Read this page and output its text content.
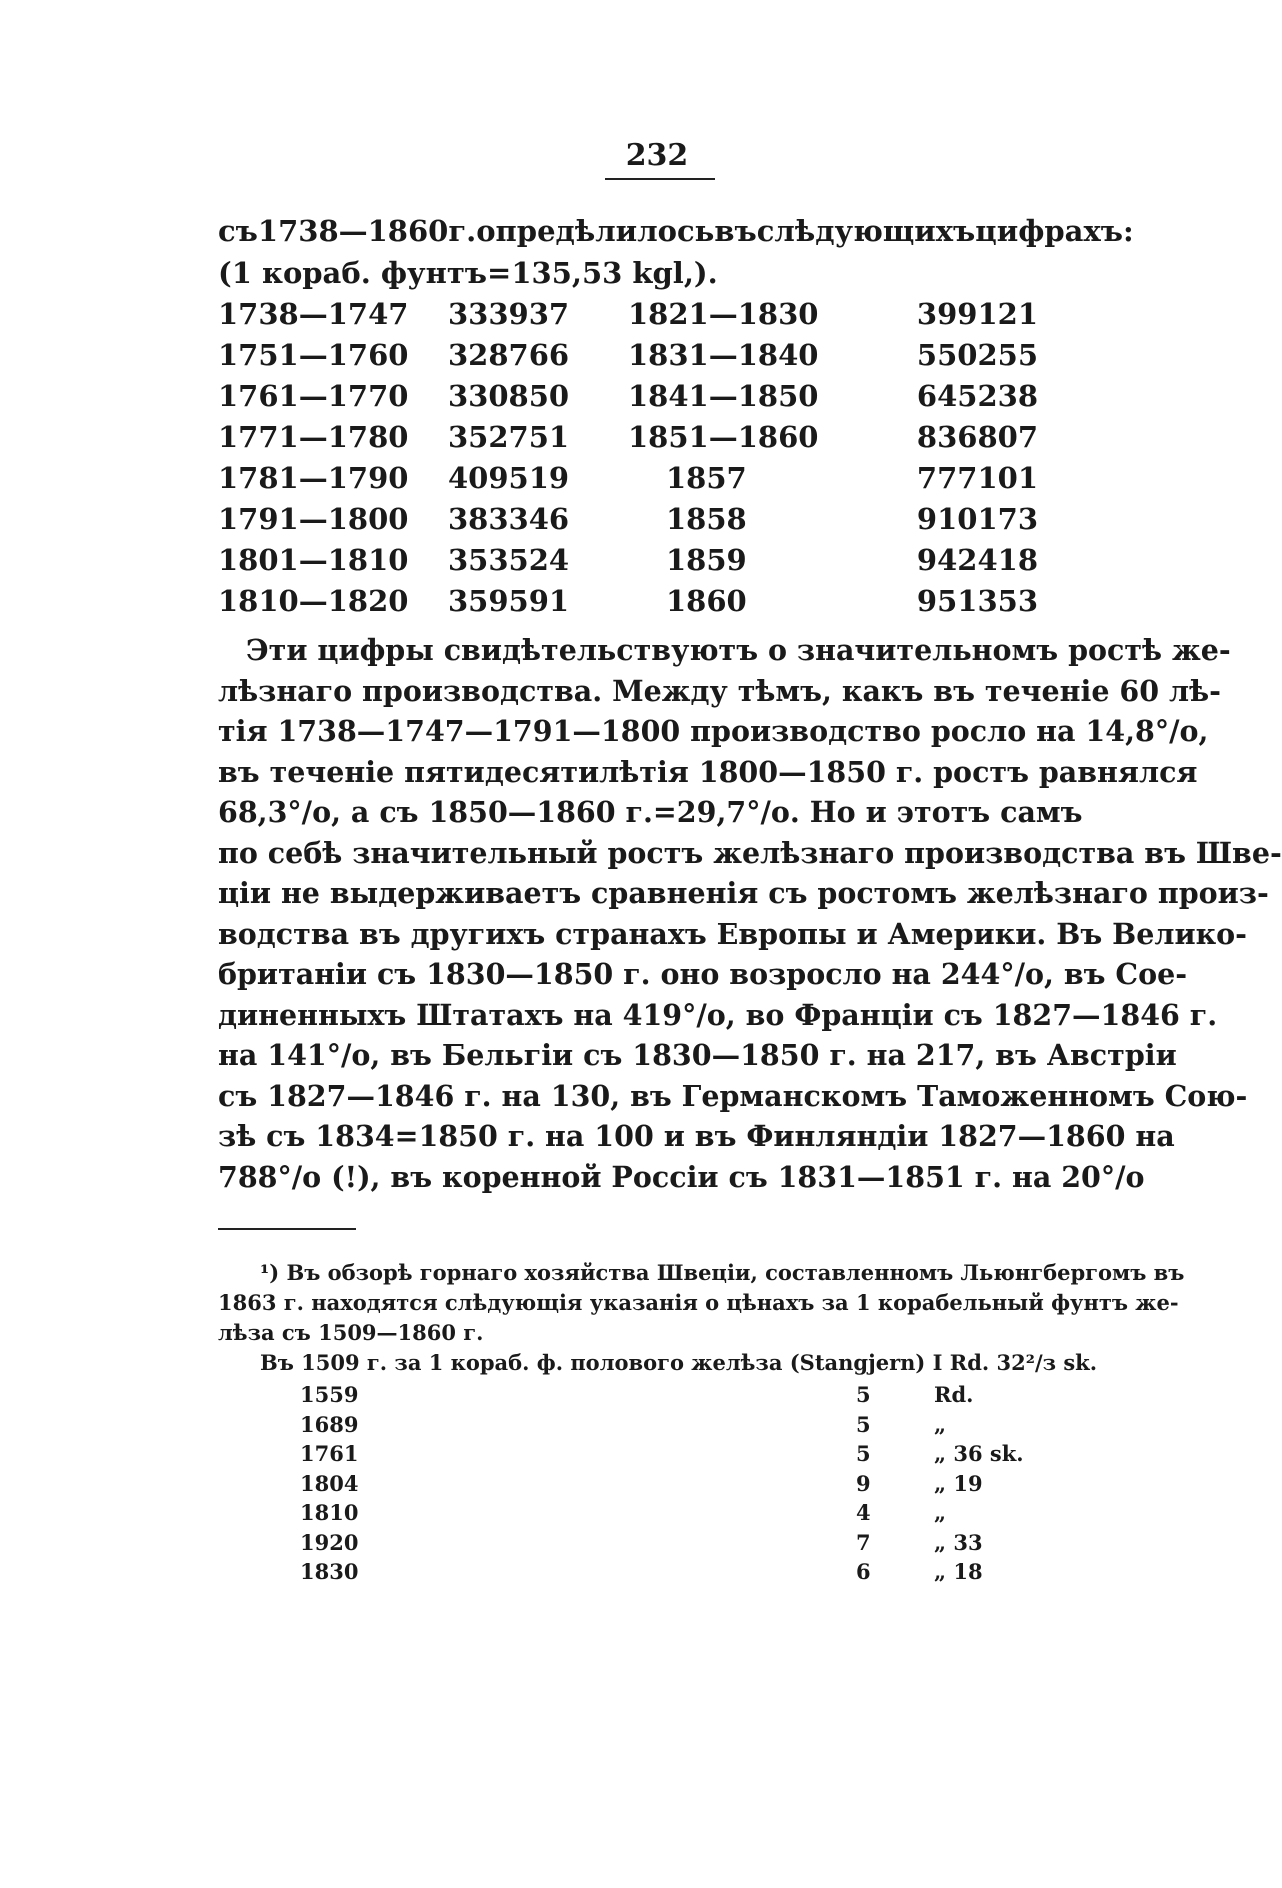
232
съ 1738—1860 г. опредѣлилось въ слѣдующихъ цифрахъ:
(1 кораб. фунтъ=135,53 kgl,).
1738—1747	333937	1821—1830	399121
1751—1760	328766	1831—1840	550255
1761—1770	330850	1841—1850	645238
1771—1780	352751	1851—1860	836807
1781—1790	409519	1857	777101
1791—1800	383346	1858	910173
1801—1810	353524	1859	942418
1810—1820	359591	1860	951353

Эти цифры свидѣтельствуютъ о значительномъ ростѣ же-

лѣзнаго производства. Между тѣмъ, какъ въ теченіе 60 лѣ-

тія 1738—1747—1791—1800 производство росло на 14,8°/о,

въ теченіе пятидесятилѣтія 1800—1850 г. ростъ равнялся

68,3°/о, а съ 1850—1860 г.=29,7°/о. Но и этотъ самъ

по себѣ значительный ростъ желѣзнаго производства въ Шве-

ціи не выдерживаетъ сравненія съ ростомъ желѣзнаго произ-

водства въ другихъ странахъ Европы и Америки. Въ Велико-

британіи съ 1830—1850 г. оно возросло на 244°/о, въ Сое-

диненныхъ Штатахъ на 419°/о, во Франціи съ 1827—1846 г.

на 141°/о, въ Бельгіи съ 1830—1850 г. на 217, въ Австріи

съ 1827—1846 г. на 130, въ Германскомъ Таможенномъ Сою-

зѣ съ 1834=1850 г. на 100 и въ Финляндіи 1827—1860 на

788°/о (!), въ коренной Россіи съ 1831—1851 г. на 20°/о

¹) Въ обзорѣ горнаго хозяйства Швеціи, составленномъ Льюнгбергомъ въ

1863 г. находятся слѣдующія указанія о цѣнахъ за 1 корабельный фунтъ же-

лѣза съ 1509—1860 г.

Въ 1509 г. за 1 кораб. ф. полового желѣза (Stangjern) I Rd. 32²/з sk.
1559	5	Rd.
1689	5	„
1761	5	„ 36 sk.
1804	9	„ 19
1810	4	„
1920	7	„ 33
1830	6	„ 18
